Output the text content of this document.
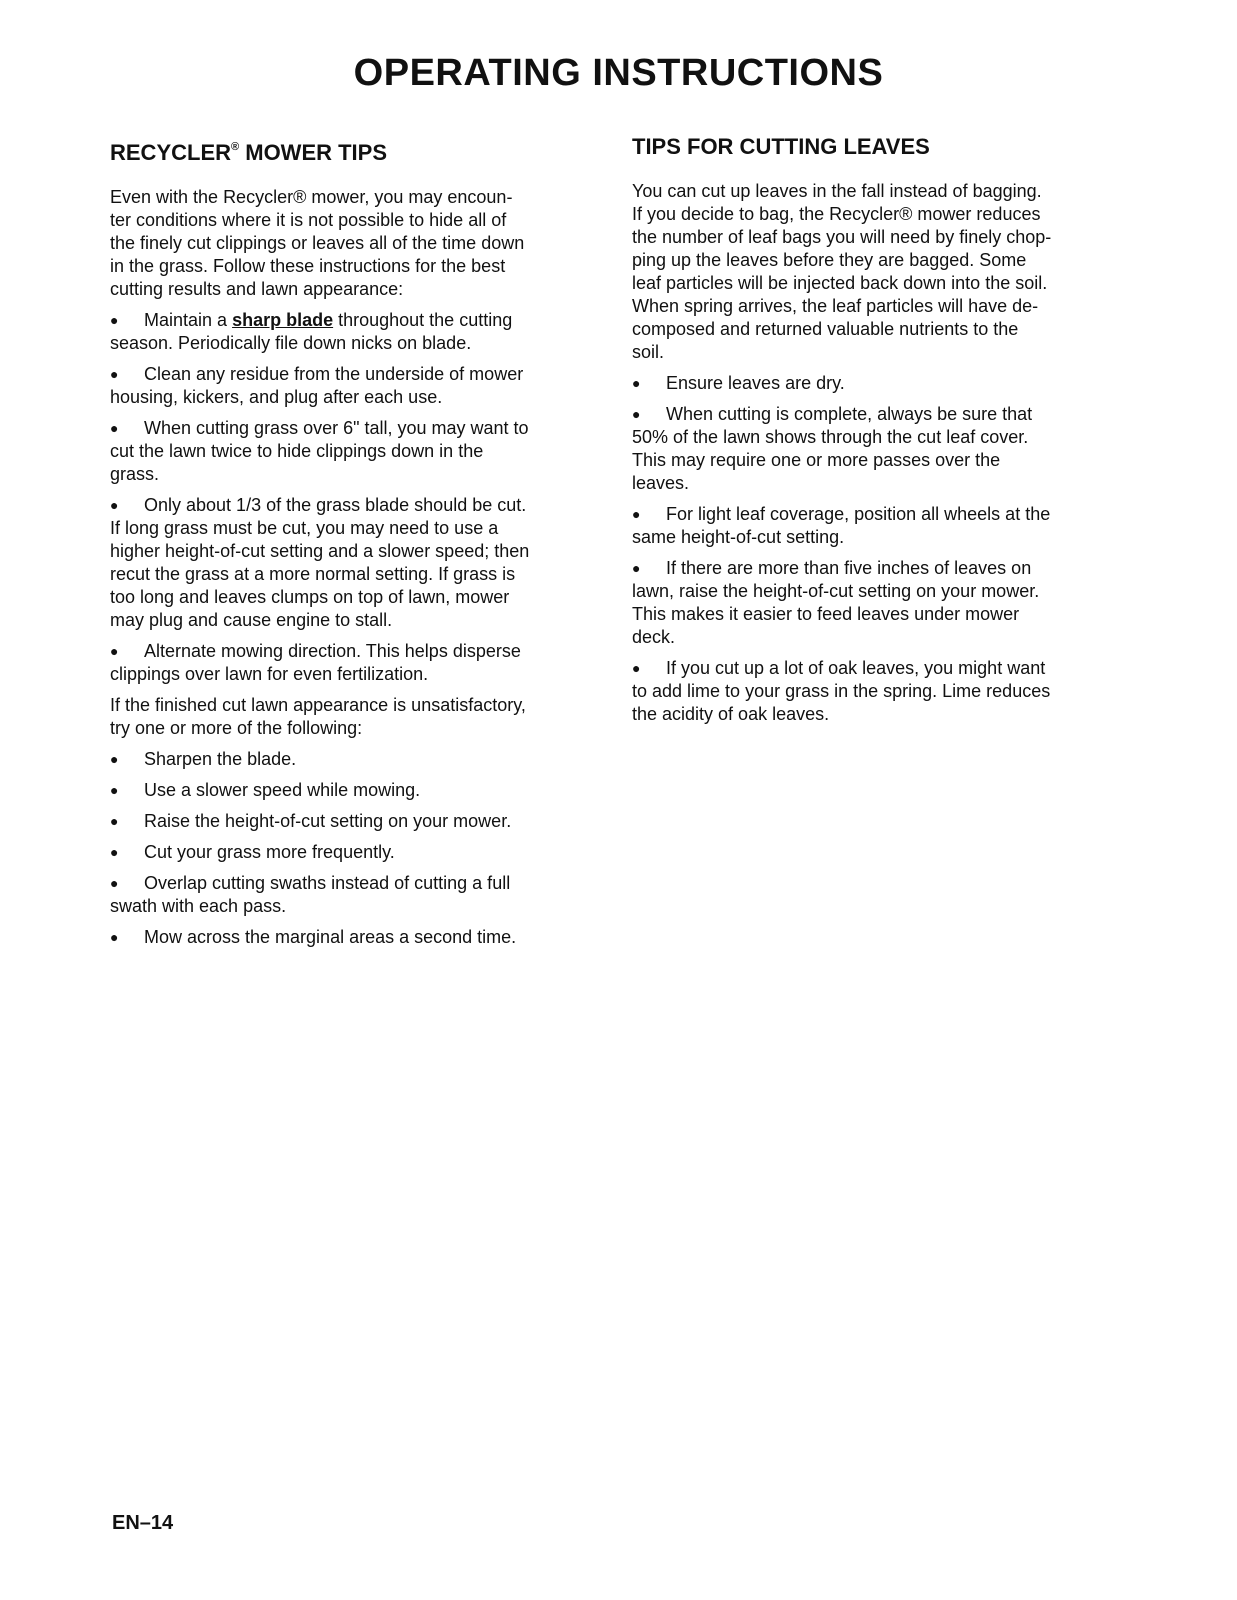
OPERATING INSTRUCTIONS
RECYCLER® MOWER TIPS

Even with the Recycler® mower, you may encoun-
ter conditions where it is not possible to hide all of
the finely cut clippings or leaves all of the time down
in the grass. Follow these instructions for the best
cutting results and lawn appearance:

● Maintain a sharp blade throughout the cutting
season. Periodically file down nicks on blade.

● Clean any residue from the underside of mower
housing, kickers, and plug after each use.

● When cutting grass over 6" tall, you may want to
cut the lawn twice to hide clippings down in the
grass.

● Only about 1/3 of the grass blade should be cut.
If long grass must be cut, you may need to use a
higher height-of-cut setting and a slower speed; then
recut the grass at a more normal setting. If grass is
too long and leaves clumps on top of lawn, mower
may plug and cause engine to stall.

● Alternate mowing direction. This helps disperse
clippings over lawn for even fertilization.

If the finished cut lawn appearance is unsatisfactory,
try one or more of the following:

● Sharpen the blade.

● Use a slower speed while mowing.

● Raise the height-of-cut setting on your mower.

● Cut your grass more frequently.

● Overlap cutting swaths instead of cutting a full
swath with each pass.

● Mow across the marginal areas a second time.

TIPS FOR CUTTING LEAVES

You can cut up leaves in the fall instead of bagging.
If you decide to bag, the Recycler® mower reduces
the number of leaf bags you will need by finely chop-
ping up the leaves before they are bagged. Some
leaf particles will be injected back down into the soil.
When spring arrives, the leaf particles will have de-
composed and returned valuable nutrients to the
soil.

● Ensure leaves are dry.

● When cutting is complete, always be sure that
50% of the lawn shows through the cut leaf cover.
This may require one or more passes over the
leaves.

● For light leaf coverage, position all wheels at the
same height-of-cut setting.

● If there are more than five inches of leaves on
lawn, raise the height-of-cut setting on your mower.
This makes it easier to feed leaves under mower
deck.

● If you cut up a lot of oak leaves, you might want
to add lime to your grass in the spring. Lime reduces
the acidity of oak leaves.

EN–14
